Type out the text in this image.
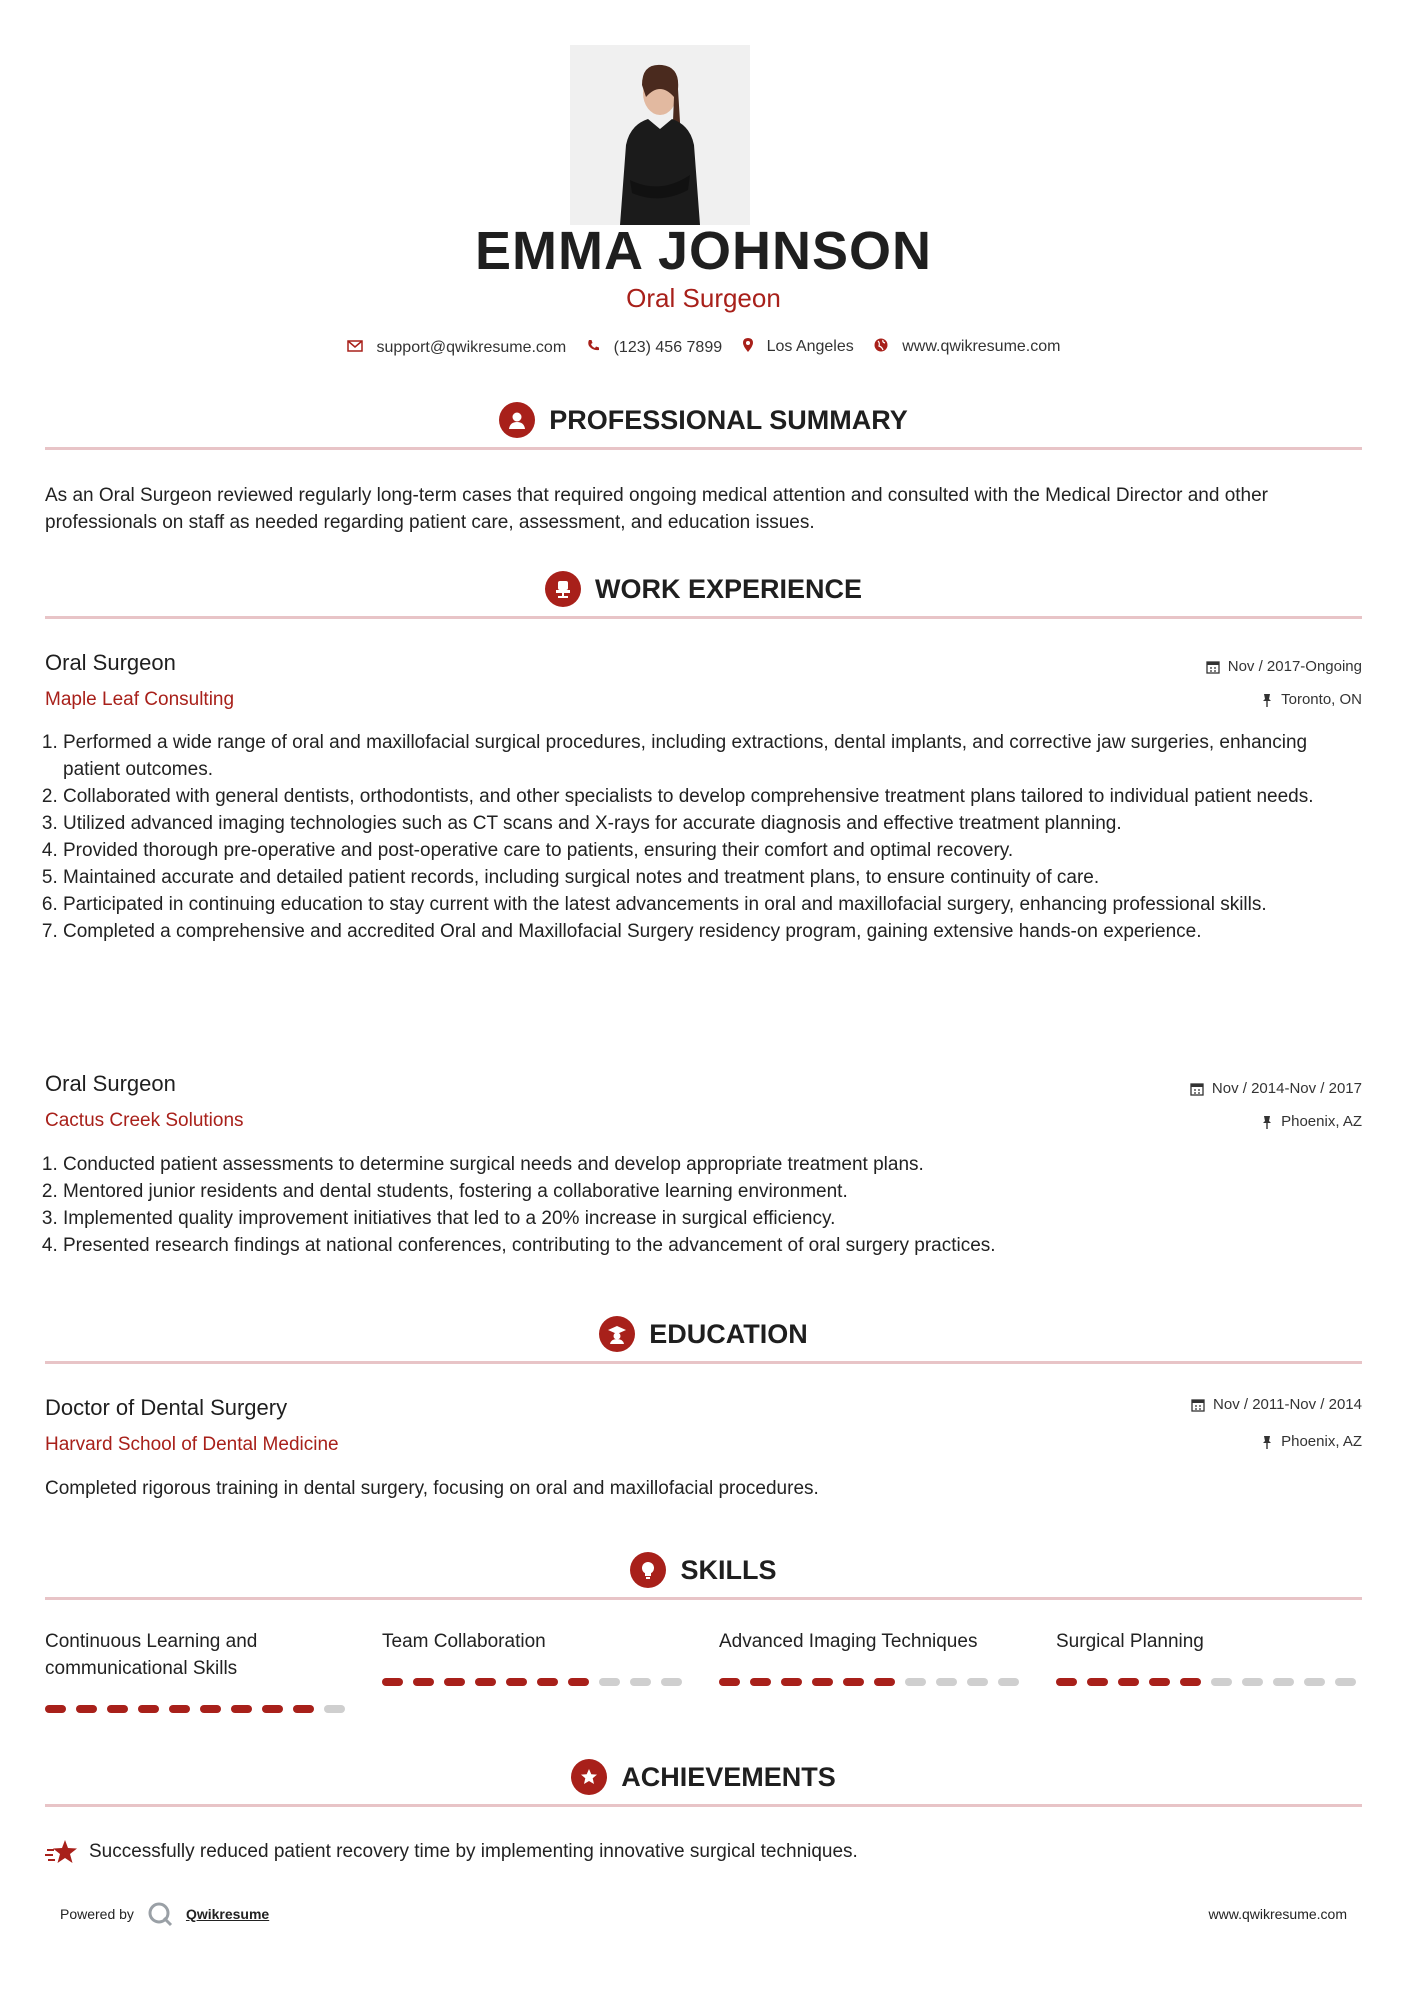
EMMA JOHNSON
Oral Surgeon
support@qwikresume.com
	(123) 456 7899
	Los Angeles
	www.qwikresume.com
PROFESSIONAL SUMMARY
As an Oral Surgeon reviewed regularly long-term cases that required ongoing medical attention and consulted with the Medical Director and other professionals on staff as needed regarding patient care, assessment, and education issues.
WORK EXPERIENCE
Oral Surgeon
Maple Leaf Consulting
Nov / 2017-Ongoing
Toronto, ON
1. Performed a wide range of oral and maxillofacial surgical procedures, including extractions, dental implants, and corrective jaw surgeries, enhancing patient outcomes.
2. Collaborated with general dentists, orthodontists, and other specialists to develop comprehensive treatment plans tailored to individual patient needs.
3. Utilized advanced imaging technologies such as CT scans and X-rays for accurate diagnosis and effective treatment planning.
4. Provided thorough pre-operative and post-operative care to patients, ensuring their comfort and optimal recovery.
5. Maintained accurate and detailed patient records, including surgical notes and treatment plans, to ensure continuity of care.
6. Participated in continuing education to stay current with the latest advancements in oral and maxillofacial surgery, enhancing professional skills.
7. Completed a comprehensive and accredited Oral and Maxillofacial Surgery residency program, gaining extensive hands-on experience.
Oral Surgeon
Cactus Creek Solutions
Nov / 2014-Nov / 2017
Phoenix, AZ
1. Conducted patient assessments to determine surgical needs and develop appropriate treatment plans.
2. Mentored junior residents and dental students, fostering a collaborative learning environment.
3. Implemented quality improvement initiatives that led to a 20% increase in surgical efficiency.
4. Presented research findings at national conferences, contributing to the advancement of oral surgery practices.
EDUCATION
Doctor of Dental Surgery
Harvard School of Dental Medicine
Nov / 2011-Nov / 2014
Phoenix, AZ
Completed rigorous training in dental surgery, focusing on oral and maxillofacial procedures.
SKILLS
Continuous Learning and communicational Skills
Team Collaboration	Advanced Imaging Techniques	Surgical Planning
ACHIEVEMENTS
Successfully reduced patient recovery time by implementing innovative surgical techniques.
Powered by	Qwikresume	www.qwikresume.com
